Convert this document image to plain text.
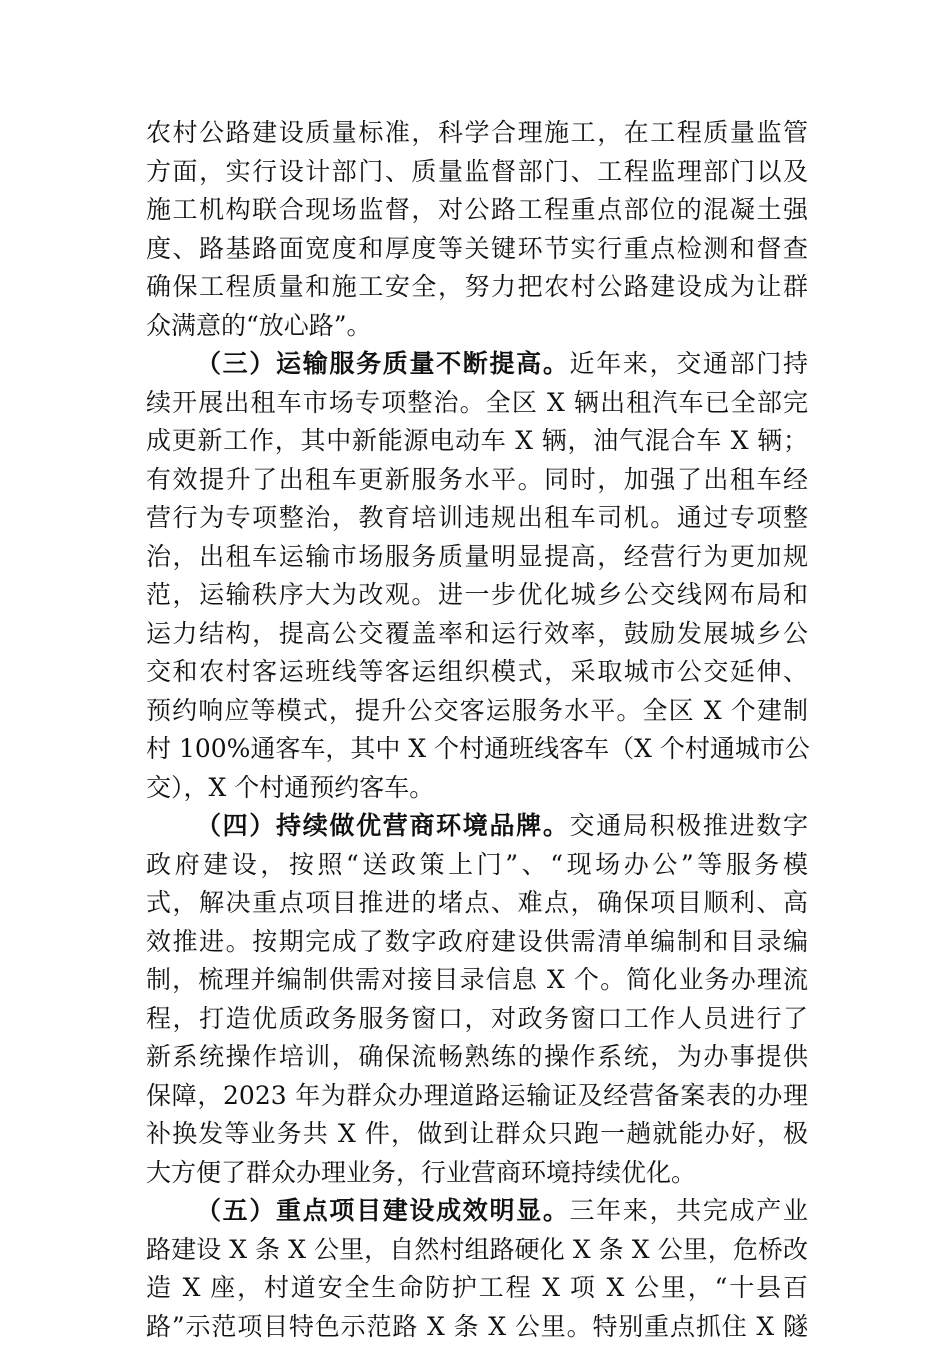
农村公路建设质量标准，科学合理施工，在工程质量监管
方面，实行设计部门、质量监督部门、工程监理部门以及
施工机构联合现场监督，对公路工程重点部位的混凝土强
度、路基路面宽度和厚度等关键环节实行重点检测和督查
确保工程质量和施工安全，努力把农村公路建设成为让群
众满意的“放心路”。
（三）运输服务质量不断提高。近年来，交通部门持
续开展出租车市场专项整治。全区 X 辆出租汽车已全部完
成更新工作，其中新能源电动车 X 辆，油气混合车 X 辆；
有效提升了出租车更新服务水平。同时，加强了出租车经
营行为专项整治，教育培训违规出租车司机。通过专项整
治，出租车运输市场服务质量明显提高，经营行为更加规
范，运输秩序大为改观。进一步优化城乡公交线网布局和
运力结构，提高公交覆盖率和运行效率，鼓励发展城乡公
交和农村客运班线等客运组织模式，采取城市公交延伸、
预约响应等模式，提升公交客运服务水平。全区 X 个建制
村 100%通客车，其中 X 个村通班线客车（X 个村通城市公
交），X 个村通预约客车。
（四）持续做优营商环境品牌。交通局积极推进数字
政府建设，按照“送政策上门”、“现场办公”等服务模
式，解决重点项目推进的堵点、难点，确保项目顺利、高
效推进。按期完成了数字政府建设供需清单编制和目录编
制，梳理并编制供需对接目录信息 X 个。简化业务办理流
程，打造优质政务服务窗口，对政务窗口工作人员进行了
新系统操作培训，确保流畅熟练的操作系统，为办事提供
保障，2023 年为群众办理道路运输证及经营备案表的办理
补换发等业务共 X 件，做到让群众只跑一趟就能办好，极
大方便了群众办理业务，行业营商环境持续优化。
（五）重点项目建设成效明显。三年来，共完成产业
路建设 X 条 X 公里，自然村组路硬化 X 条 X 公里，危桥改
造 X 座，村道安全生命防护工程 X 项 X 公里，“十县百
路”示范项目特色示范路 X 条 X 公里。特别重点抓住 X 隧
